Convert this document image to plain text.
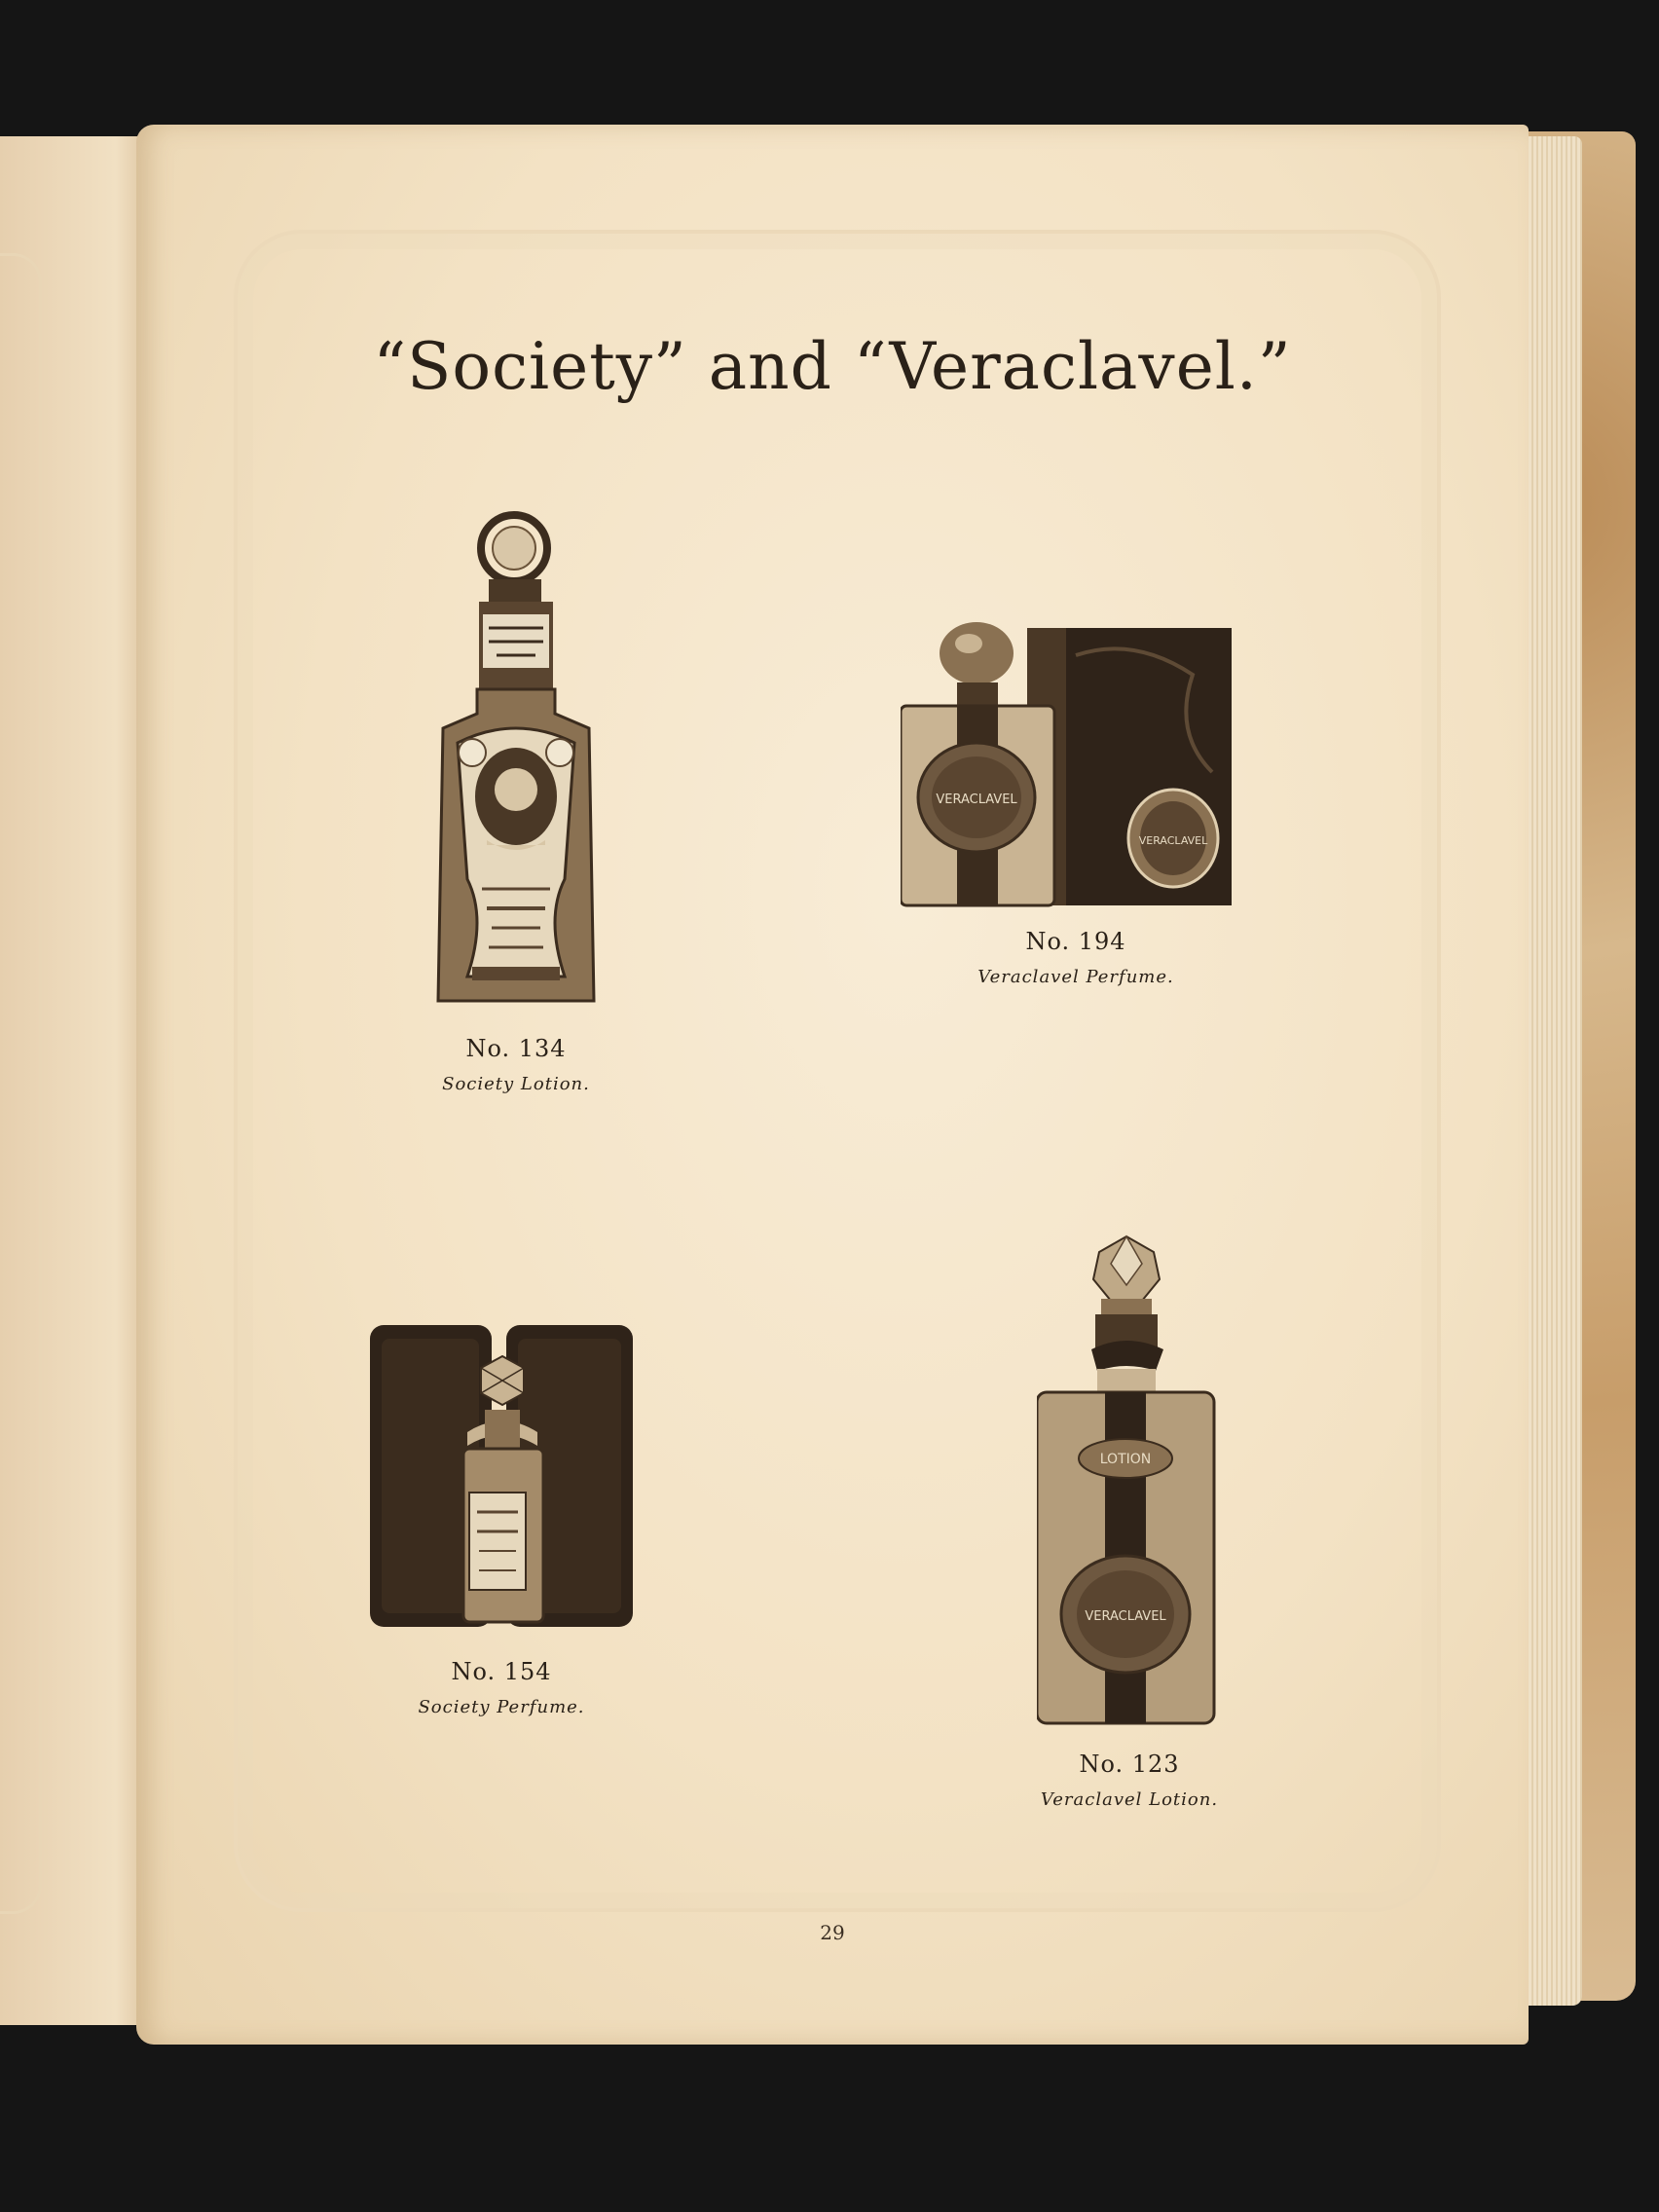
“Society” and “Veraclavel.”
No. 134
Society Lotion.
VERACLAVEL
VERACLAVEL
No. 194
Veraclavel Perfume.
No. 154
Society Perfume.
LOTION
VERACLAVEL
No. 123
Veraclavel Lotion.
29
